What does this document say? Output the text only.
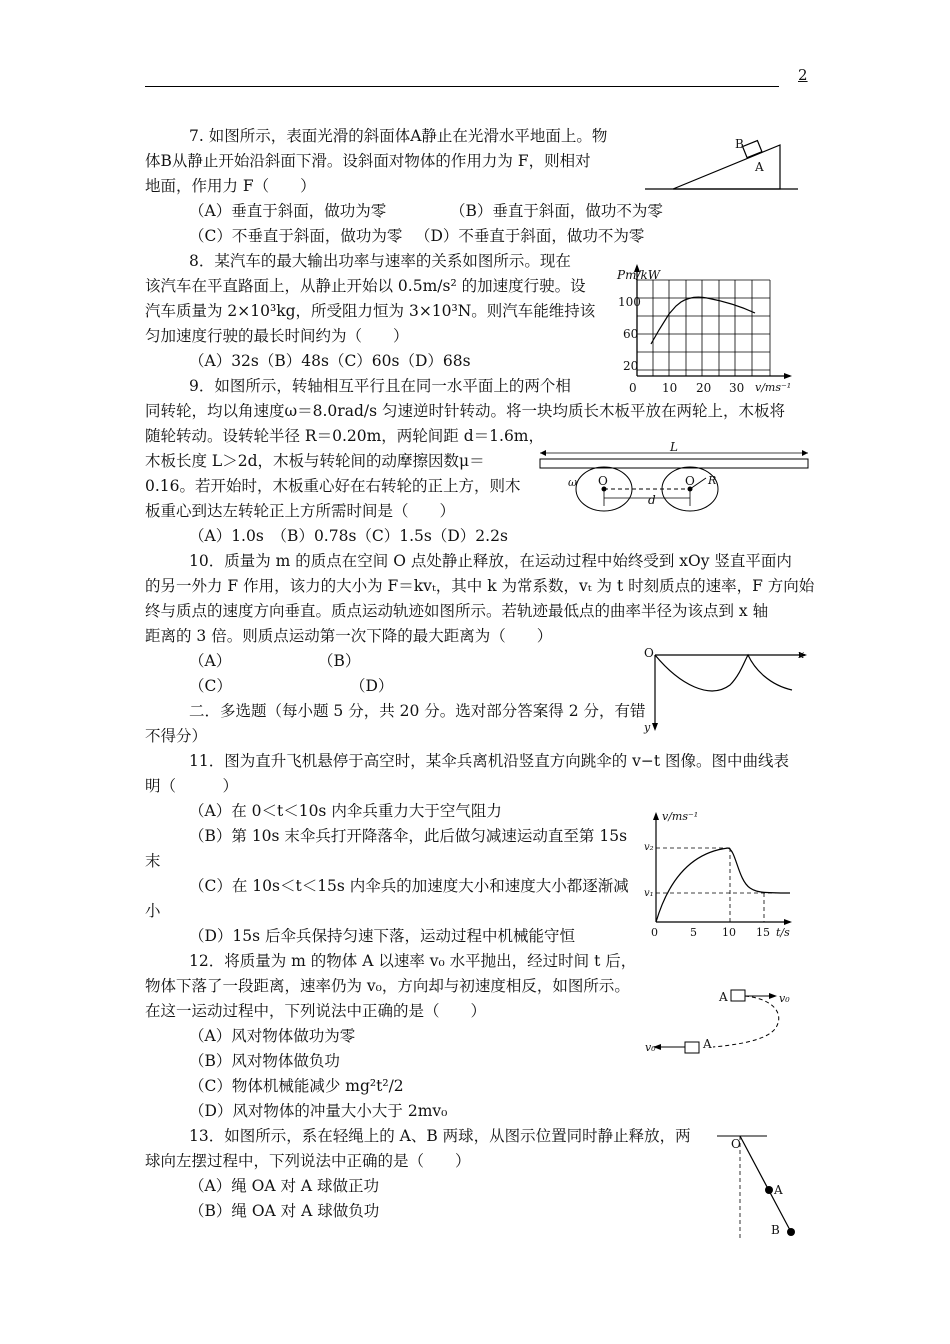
2
7. 如图所示，表面光滑的斜面体A静止在光滑水平地面上。物
体B从静止开始沿斜面下滑。设斜面对物体的作用力为 F，则相对
地面，作用力 F（　　）
（A）垂直于斜面，做功为零	（B）垂直于斜面，做功不为零
（C）不垂直于斜面，做功为零 （D）不垂直于斜面，做功不为零
B
A
8．某汽车的最大输出功率与速率的关系如图所示。现在
该汽车在平直路面上，从静止开始以 0.5m/s² 的加速度行驶。设
汽车质量为 2×10³kg，所受阻力恒为 3×10³N。则汽车能维持该
匀加速度行驶的最长时间约为（　　）
（A）32s（B）48s（C）60s（D）68s
Pm/kW
100
60
20
0 10 20 30 v/ms⁻¹
9．如图所示，转轴相互平行且在同一水平面上的两个相
同转轮，均以角速度ω＝8.0rad/s 匀速逆时针转动。将一块均质长木板平放在两轮上，木板将
随轮转动。设转轮半径 R＝0.20m，两轮间距 d＝1.6m，
木板长度 L＞2d，木板与转轮间的动摩擦因数μ＝
0.16。若开始时，木板重心好在右转轮的正上方，则木
板重心到达左转轮正上方所需时间是（　　）
（A）1.0s　（B）0.78s（C）1.5s（D）2.2s
L
O	O
d
R
ω
10．质量为 m 的质点在空间 O 点处静止释放，在运动过程中始终受到 xOy 竖直平面内
的另一外力 F 作用，该力的大小为 F＝kvₜ，其中 k 为常系数，vₜ 为 t 时刻质点的速率，F 方向始
终与质点的速度方向垂直。质点运动轨迹如图所示。若轨迹最低点的曲率半径为该点到 x 轴
距离的 3 倍。则质点运动第一次下降的最大距离为（　　）
（A）	（B）
（C）	（D）
O	x
y
二．多选题（每小题 5 分，共 20 分。选对部分答案得 2 分，有错
不得分）
11．图为直升飞机悬停于高空时，某伞兵离机沿竖直方向跳伞的 v−t 图像。图中曲线表
明（　　　）
（A）在 0＜t＜10s 内伞兵重力大于空气阻力
（B）第 10s 末伞兵打开降落伞，此后做匀减速运动直至第 15s
末
（C）在 10s＜t＜15s 内伞兵的加速度大小和速度大小都逐渐减
小
（D）15s 后伞兵保持匀速下落，运动过程中机械能守恒
v/ms⁻¹
v₂
v₁
0	5 10 15 t/s
12．将质量为 m 的物体 A 以速率 v₀ 水平抛出，经过时间 t 后，
物体下落了一段距离，速率仍为 v₀，方向却与初速度相反，如图所示。
在这一运动过程中，下列说法中正确的是（　　）
（A）风对物体做功为零
（B）风对物体做负功
（C）物体机械能减少 mg²t²/2
（D）风对物体的冲量大小大于 2mv₀
A	v₀
A
v₀
13．如图所示，系在轻绳上的 A、B 两球，从图示位置同时静止释放，两
球向左摆过程中，下列说法中正确的是（　　）
（A）绳 OA 对 A 球做正功
（B）绳 OA 对 A 球做负功
O
A
B
